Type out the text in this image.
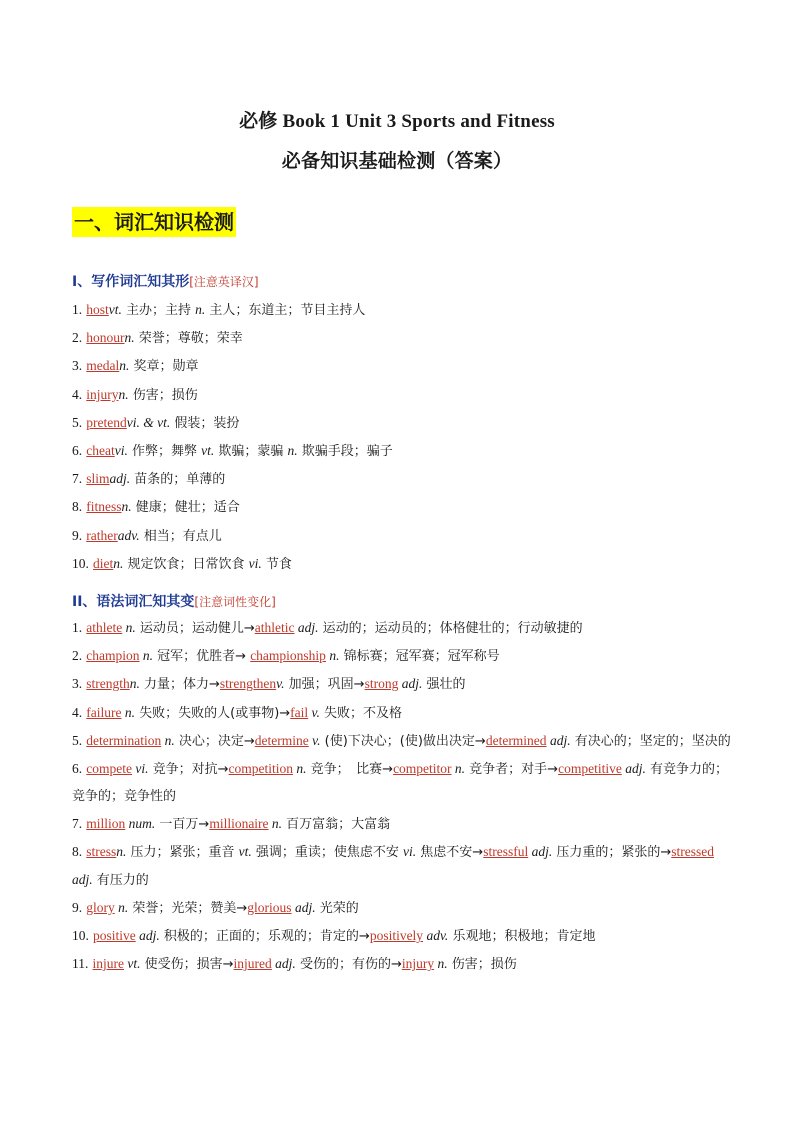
必修 Book 1 Unit 3 Sports and Fitness
必备知识基础检测（答案）
一、词汇知识检测
I、写作词汇知其形[注意英译汉]
1. hostvt. 主办；主持 n. 主人；东道主；节目主持人
2. honourn. 荣誉；尊敬；荣幸
3. medaln. 奖章；勋章
4. injuryn. 伤害；损伤
5. pretendvi. & vt. 假装；装扮
6. cheatvi. 作弊；舞弊 vt. 欺骗；蒙骗 n. 欺骗手段；骗子
7. slimadj. 苗条的；单薄的
8. fitnessn. 健康；健壮；适合
9. ratheradv. 相当；有点儿
10. dietn. 规定饮食；日常饮食 vi. 节食
II、语法词汇知其变[注意词性变化]
1. athlete n. 运动员；运动健儿→athletic adj. 运动的；运动员的；体格健壮的；行动敏捷的
2. champion n. 冠军；优胜者→ championship n. 锦标赛；冠军赛；冠军称号
3. strengthn. 力量；体力→strengthenv. 加强；巩固→strong adj. 强壮的
4. failure n. 失败；失败的人(或事物)→fail v. 失败；不及格
5. determination n. 决心；决定→determine v. (使)下决心；(使)做出决定→determined adj. 有决心的；坚定的；坚决的
6. compete vi. 竞争；对抗→competition n. 竞争；　比赛→competitor n. 竞争者；对手→competitive adj. 有竞争力的；竞争的；竞争性的
7. million num. 一百万→millionaire n. 百万富翁；大富翁
8. stressn. 压力；紧张；重音 vt. 强调；重读；使焦虑不安 vi. 焦虑不安→stressful adj. 压力重的；紧张的→stressed adj. 有压力的
9. glory n. 荣誉；光荣；赞美→glorious adj. 光荣的
10. positive adj. 积极的；正面的；乐观的；肯定的→positively adv. 乐观地；积极地；肯定地
11. injure vt. 使受伤；损害→injured adj. 受伤的；有伤的→injury n. 伤害；损伤
